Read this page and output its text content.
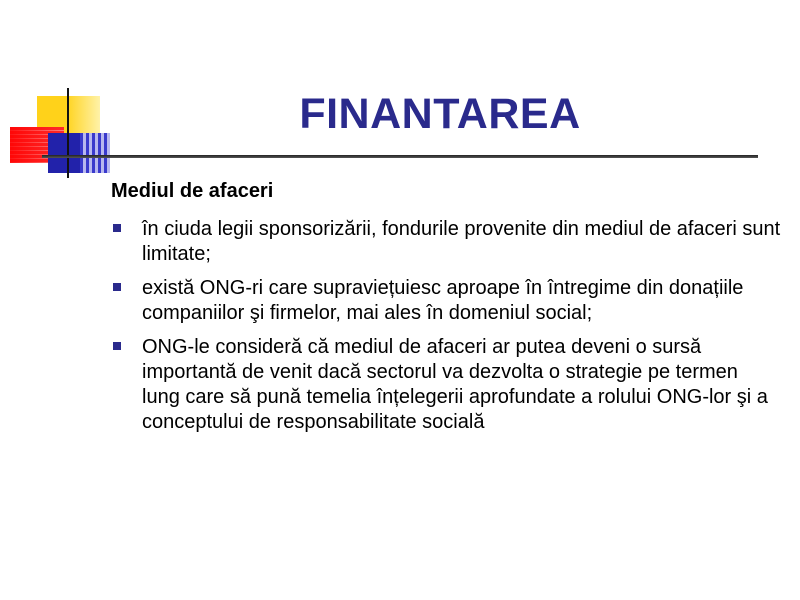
FINANTAREA
Mediul de afaceri
în ciuda legii sponsorizării, fondurile provenite din mediul de afaceri sunt limitate;
există ONG-ri care supraviețuiesc aproape în întregime din donațiile companiilor şi firmelor, mai ales în domeniul social;
ONG-le consideră că mediul de afaceri ar putea deveni o sursă importantă de venit dacă sectorul va dezvolta o strategie pe termen lung care să pună temelia înțelegerii aprofundate a rolului ONG-lor şi a conceptului de responsabilitate socială
